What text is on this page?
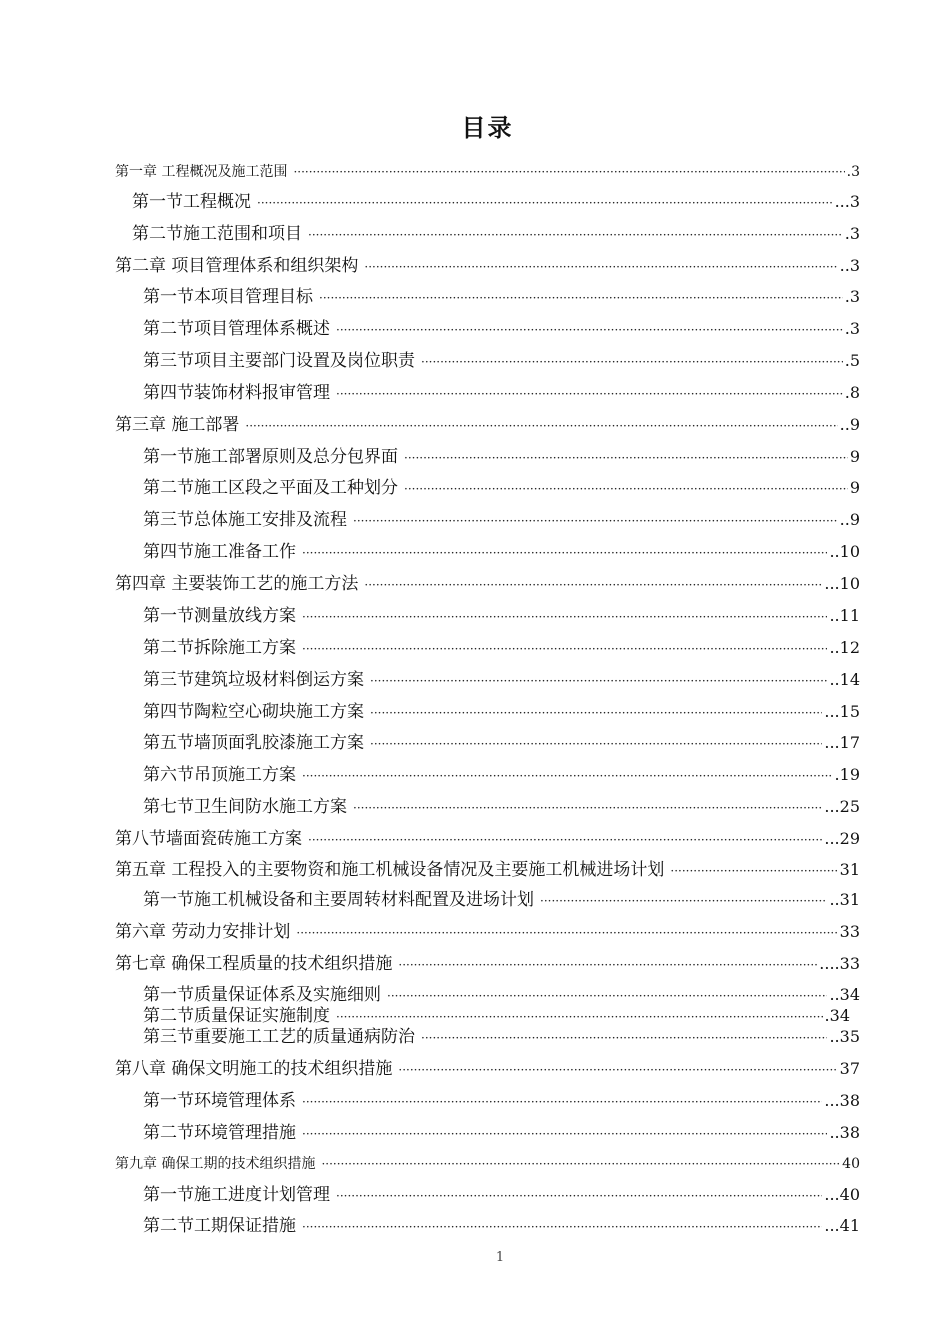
目录
第一章 工程概况及施工范围 ·····	.3
第一节工程概况 ·····	...3
第二节施工范围和项目 ·····	.3
第二章 项目管理体系和组织架构 ·····	..3
第一节本项目管理目标 ·····	.3
第二节项目管理体系概述 ·····	.3
第三节项目主要部门设置及岗位职责 ·····	.5
第四节装饰材料报审管理 ·····	.8
第三章 施工部署 ·····	..9
第一节施工部署原则及总分包界面 ·····	9
第二节施工区段之平面及工种划分 ·····	9
第三节总体施工安排及流程 ·····	..9
第四节施工准备工作 ·····	..10
第四章 主要装饰工艺的施工方法 ·····	...10
第一节测量放线方案 ·····	..11
第二节拆除施工方案 ·····	..12
第三节建筑垃圾材料倒运方案 ·····	..14
第四节陶粒空心砌块施工方案 ·····	...15
第五节墙顶面乳胶漆施工方案 ·····	...17
第六节吊顶施工方案 ·····	.19
第七节卫生间防水施工方案 ·····	...25
第八节墙面瓷砖施工方案 ·····	...29
第五章 工程投入的主要物资和施工机械设备情况及主要施工机械进场计划 ·····	31
第一节施工机械设备和主要周转材料配置及进场计划 ·····	..31
第六章 劳动力安排计划 ·····	33
第七章 确保工程质量的技术组织措施 ·····	....33
第一节质量保证体系及实施细则 ·····	..34
第二节质量保证实施制度 ·····	.34
第三节重要施工工艺的质量通病防治 ·····	..35
第八章 确保文明施工的技术组织措施 ·····	37
第一节环境管理体系 ·····	...38
第二节环境管理措施 ·····	..38
第九章 确保工期的技术组织措施 ·····	40
第一节施工进度计划管理 ·····	...40
第二节工期保证措施 ·····	...41
1
